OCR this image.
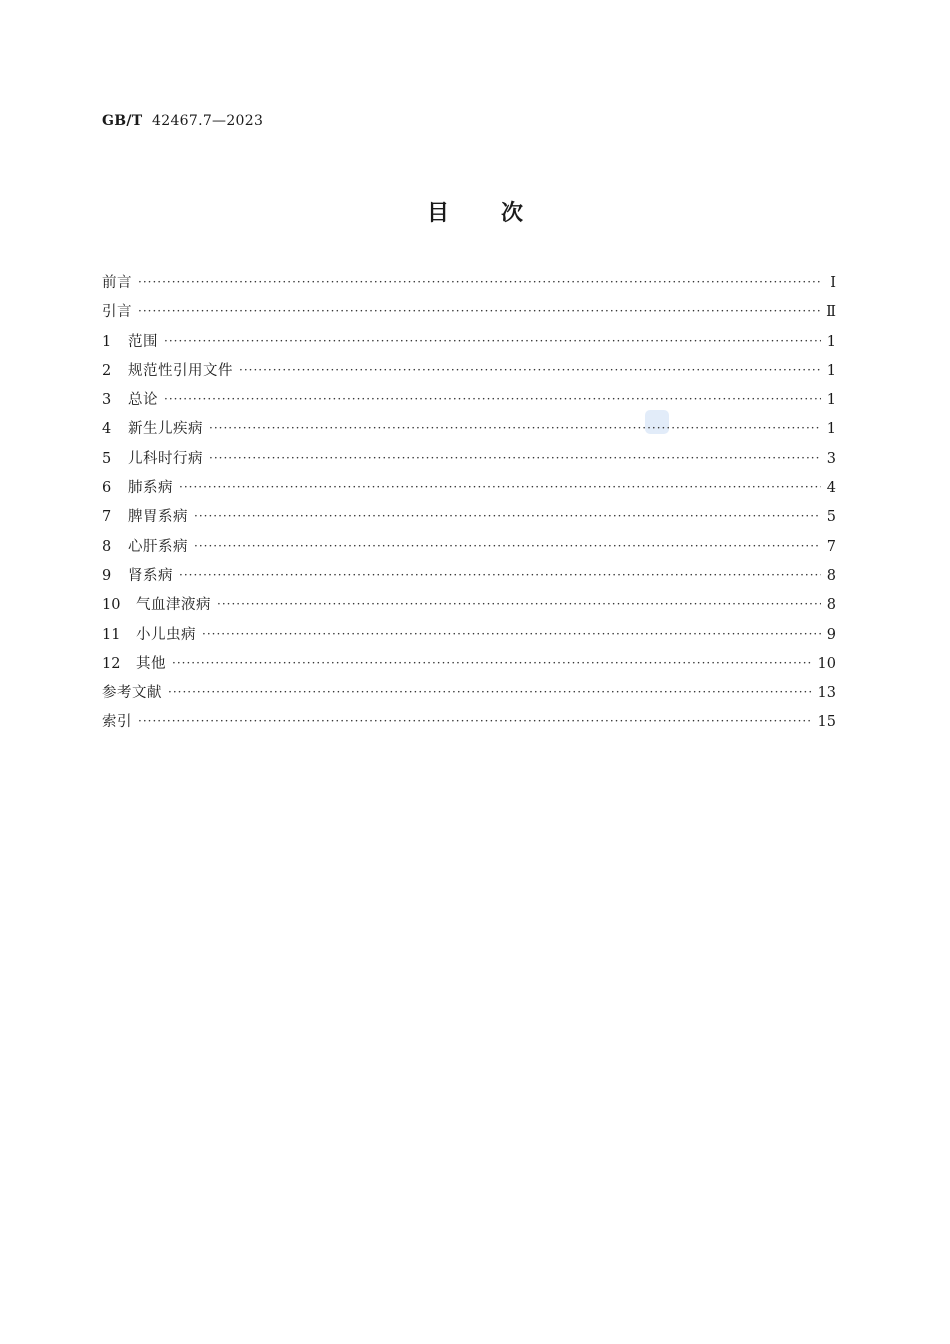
GB/T 42467.7—2023
目 次
前言 ·····	Ⅰ
引言 ·····	Ⅱ
1	范围 ·····	1
2	规范性引用文件 ·····	1
3	总论 ·····	1
4	新生儿疾病 ·····	1
5	儿科时行病 ·····	3
6	肺系病 ·····	4
7	脾胃系病 ·····	5
8	心肝系病 ·····	7
9	肾系病 ·····	8
10	气血津液病 ·····	8
11	小儿虫病 ·····	9
12	其他 ·····	10
参考文献 ·····	13
索引 ·····	15
